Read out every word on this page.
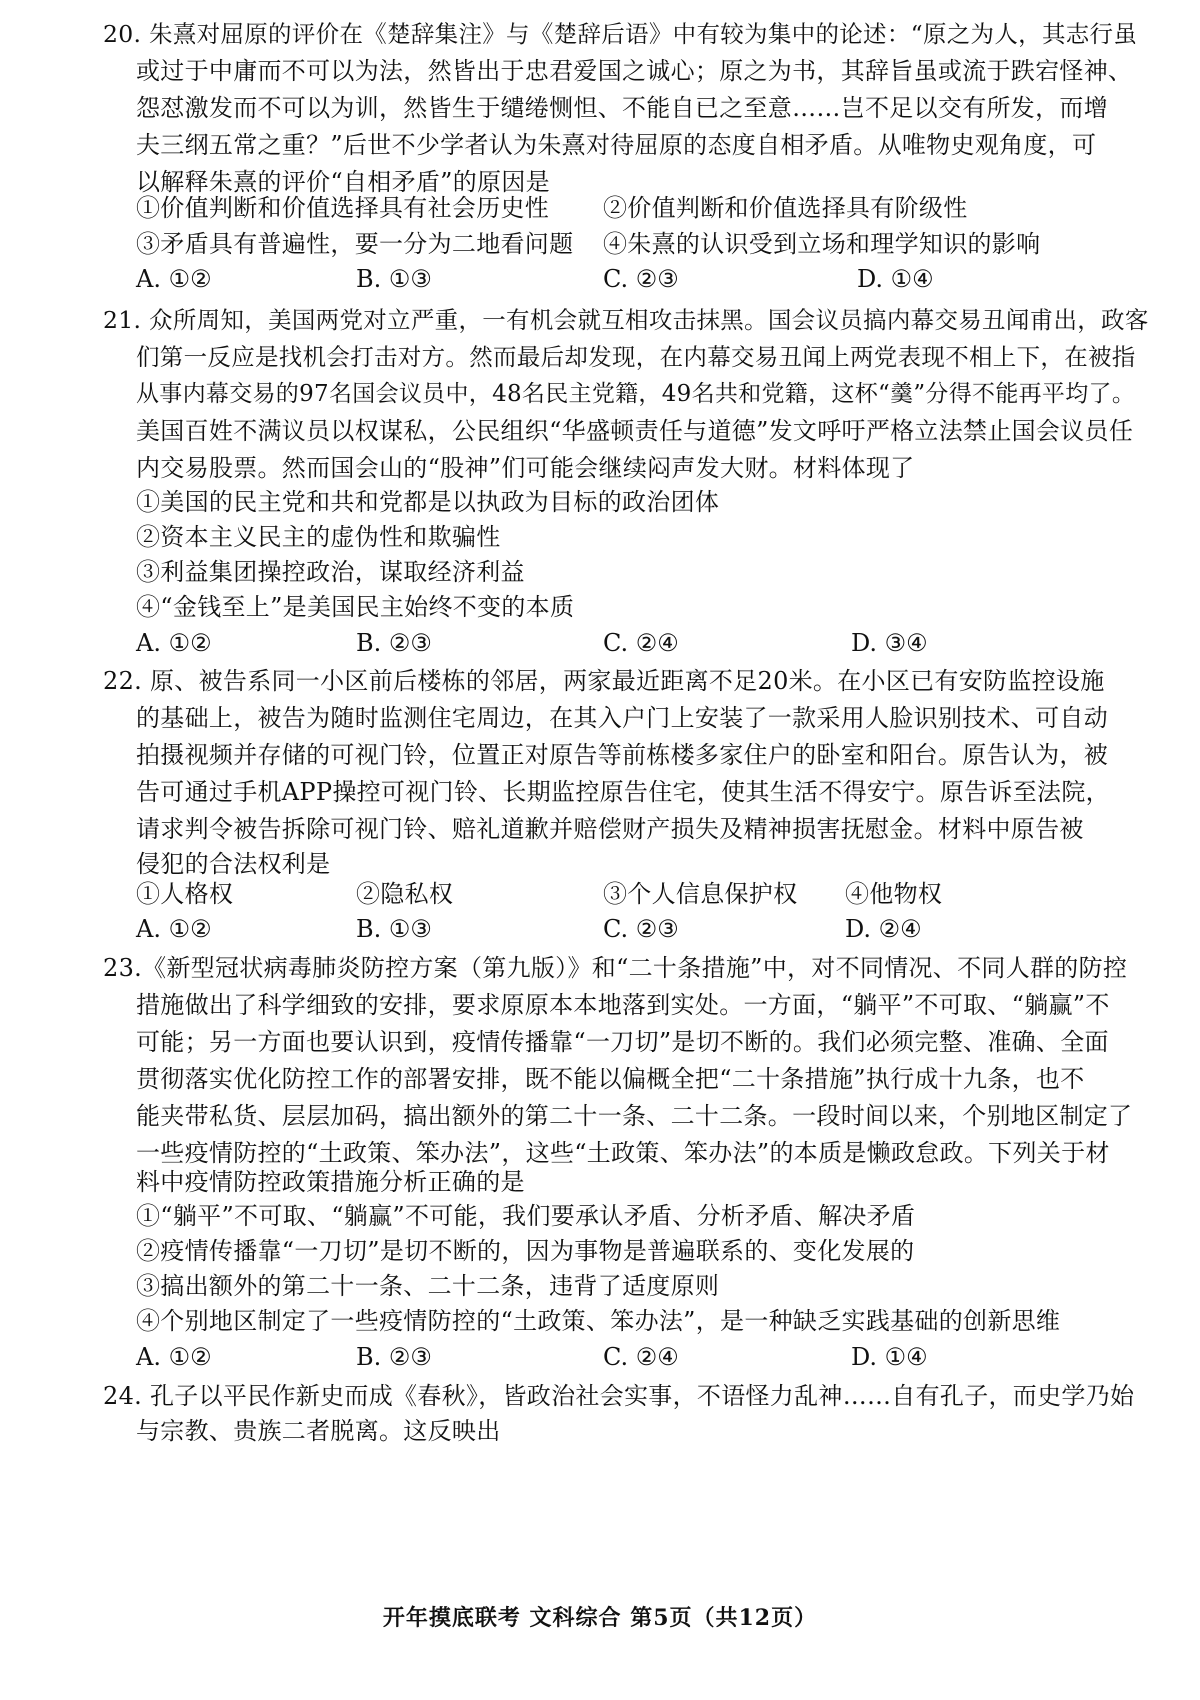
20. 朱熹对屈原的评价在《楚辞集注》与《楚辞后语》中有较为集中的论述：“原之为人，其志行虽
或过于中庸而不可以为法，然皆出于忠君爱国之诚心；原之为书，其辞旨虽或流于跌宕怪神、
怨怼激发而不可以为训，然皆生于缱绻恻怛、不能自已之至意……岂不足以交有所发，而增
夫三纲五常之重？”后世不少学者认为朱熹对待屈原的态度自相矛盾。从唯物史观角度，可
以解释朱熹的评价“自相矛盾”的原因是
①价值判断和价值选择具有社会历史性 ②价值判断和价值选择具有阶级性
③矛盾具有普遍性，要一分为二地看问题 ④朱熹的认识受到立场和理学知识的影响
A. ①②	B. ①③	C. ②③	D. ①④
21. 众所周知，美国两党对立严重，一有机会就互相攻击抹黑。国会议员搞内幕交易丑闻甫出，政客
们第一反应是找机会打击对方。然而最后却发现，在内幕交易丑闻上两党表现不相上下，在被指
从事内幕交易的97名国会议员中，48名民主党籍，49名共和党籍，这杯“羹”分得不能再平均了。
美国百姓不满议员以权谋私，公民组织“华盛顿责任与道德”发文呼吁严格立法禁止国会议员任
内交易股票。然而国会山的“股神”们可能会继续闷声发大财。材料体现了
①美国的民主党和共和党都是以执政为目标的政治团体
②资本主义民主的虚伪性和欺骗性
③利益集团操控政治，谋取经济利益
④“金钱至上”是美国民主始终不变的本质
A. ①②	B. ②③	C. ②④	D. ③④
22. 原、被告系同一小区前后楼栋的邻居，两家最近距离不足20米。在小区已有安防监控设施
的基础上，被告为随时监测住宅周边，在其入户门上安装了一款采用人脸识别技术、可自动
拍摄视频并存储的可视门铃，位置正对原告等前栋楼多家住户的卧室和阳台。原告认为，被
告可通过手机APP操控可视门铃、长期监控原告住宅，使其生活不得安宁。原告诉至法院，
请求判令被告拆除可视门铃、赔礼道歉并赔偿财产损失及精神损害抚慰金。材料中原告被
侵犯的合法权利是
①人格权	②隐私权	③个人信息保护权 ④他物权
A. ①②	B. ①③	C. ②③	D. ②④
23.《新型冠状病毒肺炎防控方案（第九版）》和“二十条措施”中，对不同情况、不同人群的防控
措施做出了科学细致的安排，要求原原本本地落到实处。一方面，“躺平”不可取、“躺赢”不
可能；另一方面也要认识到，疫情传播靠“一刀切”是切不断的。我们必须完整、准确、全面
贯彻落实优化防控工作的部署安排，既不能以偏概全把“二十条措施”执行成十九条，也不
能夹带私货、层层加码，搞出额外的第二十一条、二十二条。一段时间以来，个别地区制定了
一些疫情防控的“土政策、笨办法”，这些“土政策、笨办法”的本质是懒政怠政。下列关于材
料中疫情防控政策措施分析正确的是
①“躺平”不可取、“躺赢”不可能，我们要承认矛盾、分析矛盾、解决矛盾
②疫情传播靠“一刀切”是切不断的，因为事物是普遍联系的、变化发展的
③搞出额外的第二十一条、二十二条，违背了适度原则
④个别地区制定了一些疫情防控的“土政策、笨办法”，是一种缺乏实践基础的创新思维
A. ①②	B. ②③	C. ②④	D. ①④
24. 孔子以平民作新史而成《春秋》，皆政治社会实事，不语怪力乱神……自有孔子，而史学乃始
与宗教、贵族二者脱离。这反映出
开年摸底联考 文科综合 第5页（共12页）
